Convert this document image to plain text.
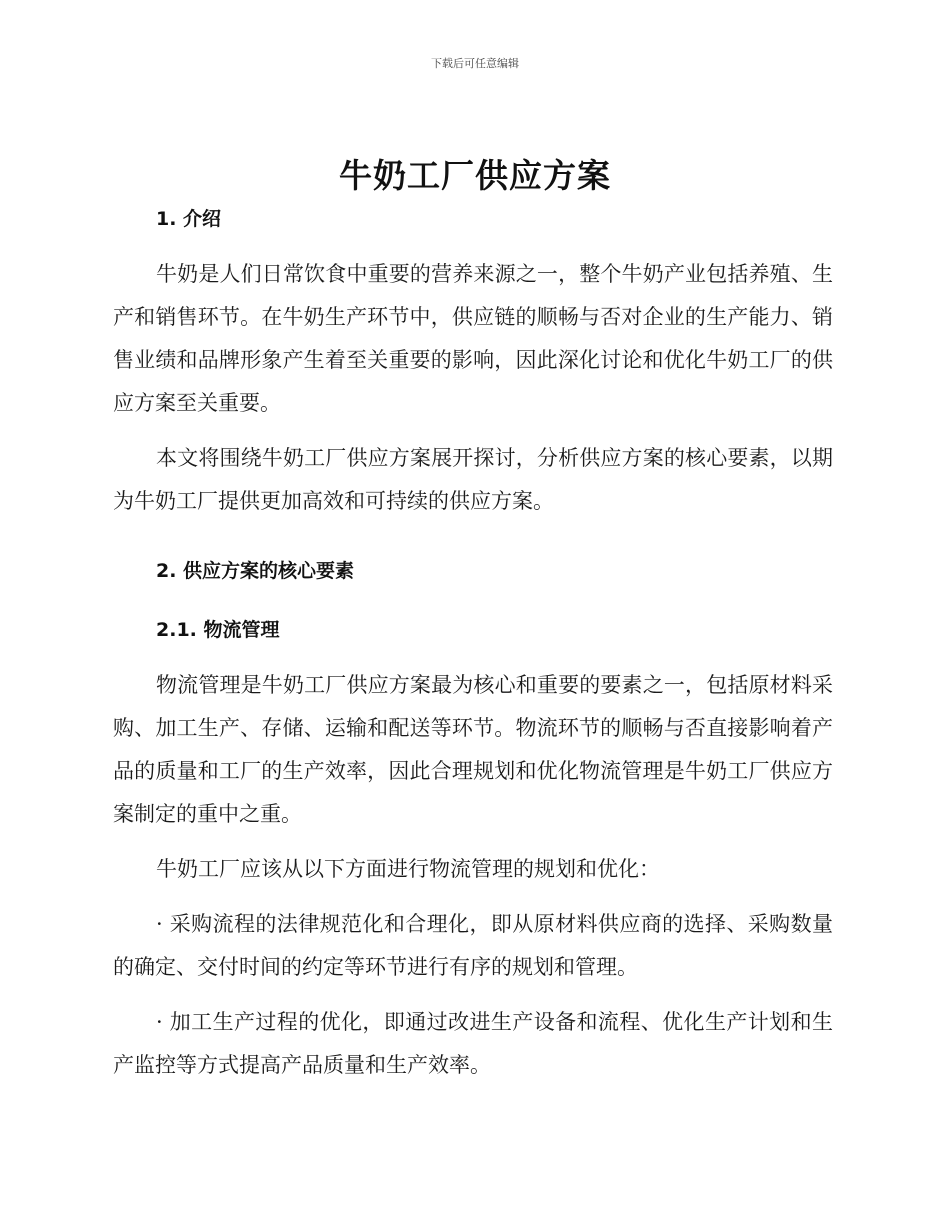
下载后可任意编辑
牛奶工厂供应方案

1. 介绍

牛奶是人们日常饮食中重要的营养来源之一，整个牛奶产业包括养殖、生产和销售环节。在牛奶生产环节中，供应链的顺畅与否对企业的生产能力、销售业绩和品牌形象产生着至关重要的影响，因此深化讨论和优化牛奶工厂的供应方案至关重要。

本文将围绕牛奶工厂供应方案展开探讨，分析供应方案的核心要素，以期为牛奶工厂提供更加高效和可持续的供应方案。

2. 供应方案的核心要素

2.1. 物流管理

物流管理是牛奶工厂供应方案最为核心和重要的要素之一，包括原材料采购、加工生产、存储、运输和配送等环节。物流环节的顺畅与否直接影响着产品的质量和工厂的生产效率，因此合理规划和优化物流管理是牛奶工厂供应方案制定的重中之重。

牛奶工厂应该从以下方面进行物流管理的规划和优化：

· 采购流程的法律规范化和合理化，即从原材料供应商的选择、采购数量的确定、交付时间的约定等环节进行有序的规划和管理。

· 加工生产过程的优化，即通过改进生产设备和流程、优化生产计划和生产监控等方式提高产品质量和生产效率。
